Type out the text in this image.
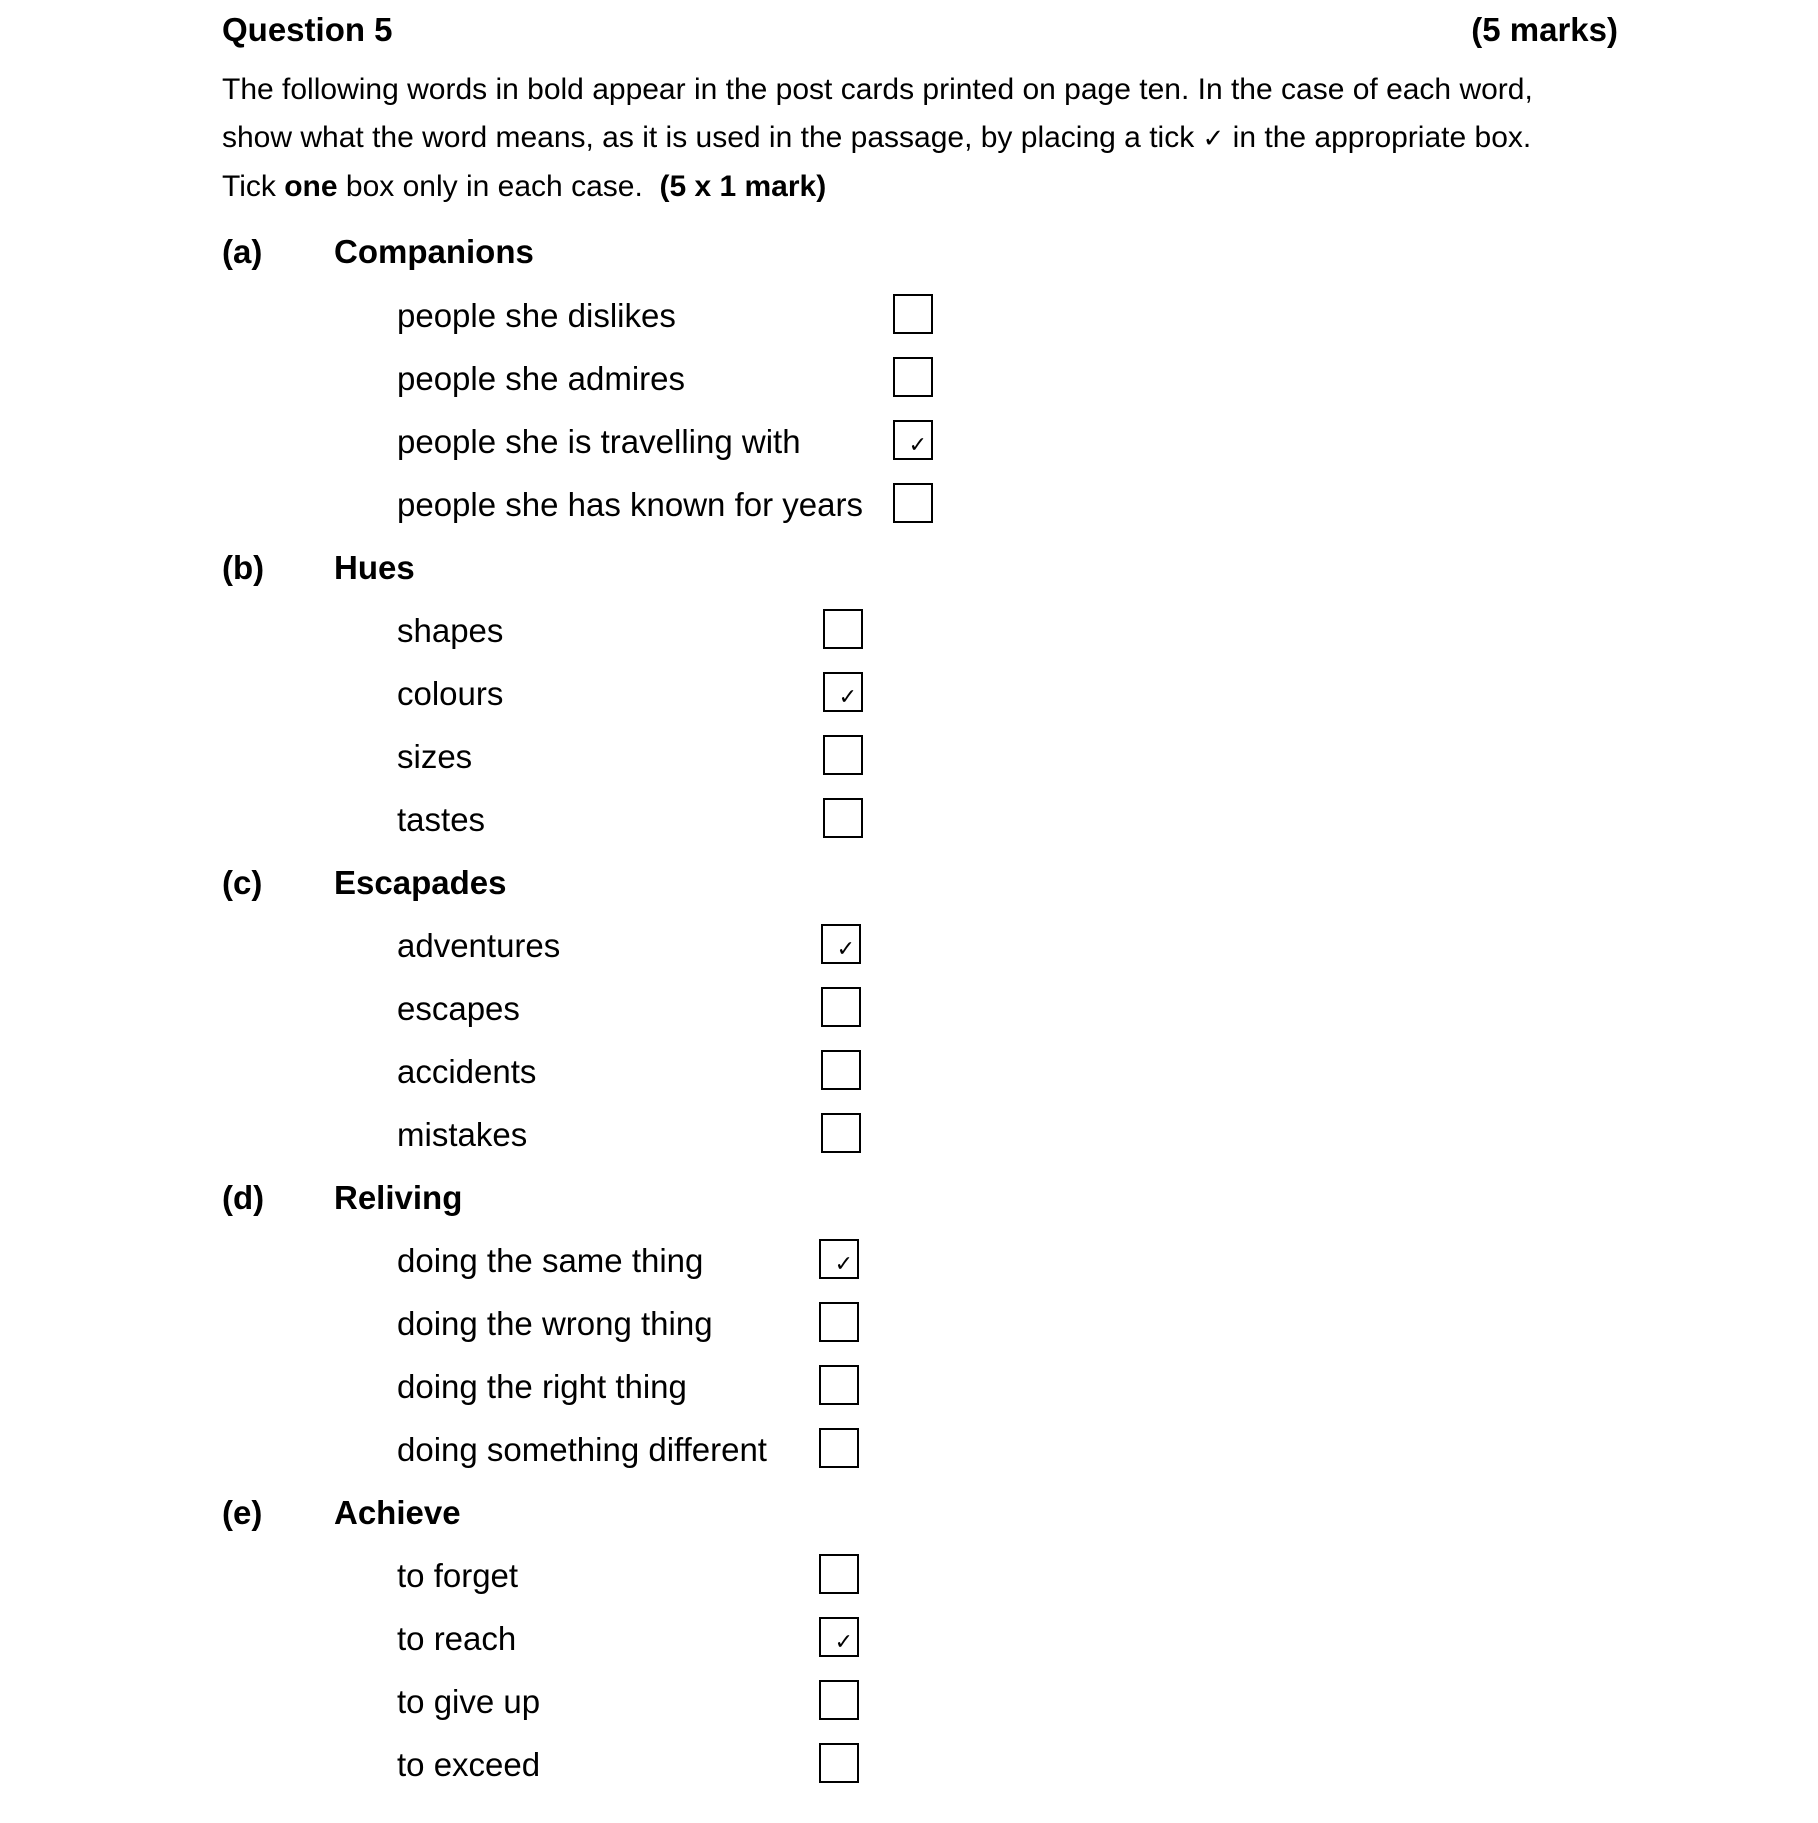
Question 5	(5 marks)
The following words in bold appear in the post cards printed on page ten. In the case of each word,
show what the word means, as it is used in the passage, by placing a tick ✓ in the appropriate box.
Tick one box only in each case. (5 x 1 mark)
(a) Companions
people she dislikes
people she admires
people she is travelling with	✓
people she has known for years
(b) Hues
shapes
colours	✓
sizes
tastes
(c) Escapades
adventures	✓
escapes
accidents
mistakes
(d) Reliving
doing the same thing	✓
doing the wrong thing
doing the right thing
doing something different
(e) Achieve
to forget
to reach	✓
to give up
to exceed
